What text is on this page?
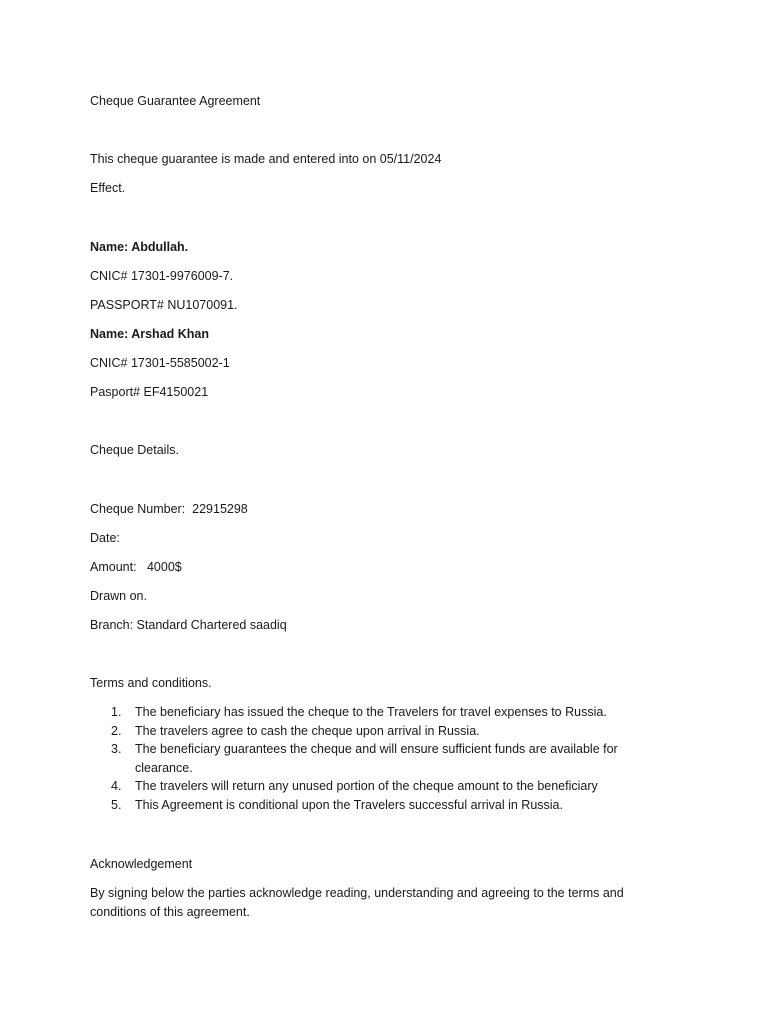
Cheque Guarantee Agreement
This cheque guarantee is made and entered into on 05/11/2024
Effect.
Name: Abdullah.
CNIC# 17301-9976009-7.
PASSPORT# NU1070091.
Name: Arshad Khan
CNIC# 17301-5585002-1
Pasport# EF4150021
Cheque Details.
Cheque Number:  22915298
Date:
Amount:   4000$
Drawn on.
Branch: Standard Chartered saadiq
Terms and conditions.
1. The beneficiary has issued the cheque to the Travelers for travel expenses to Russia.
2. The travelers agree to cash the cheque upon arrival in Russia.
3. The beneficiary guarantees the cheque and will ensure sufficient funds are available for clearance.
4. The travelers will return any unused portion of the cheque amount to the beneficiary
5. This Agreement is conditional upon the Travelers successful arrival in Russia.
Acknowledgement
By signing below the parties acknowledge reading, understanding and agreeing to the terms and conditions of this agreement.
